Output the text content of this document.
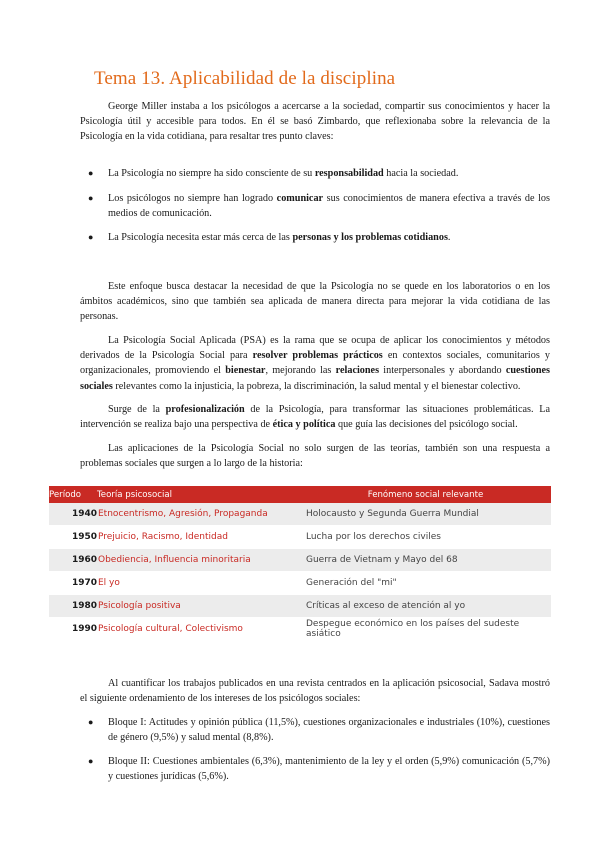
Tema 13. Aplicabilidad de la disciplina

George Miller instaba a los psicólogos a acercarse a la sociedad, compartir sus conocimientos y hacer la Psicología útil y accesible para todos. En él se basó Zimbardo, que reflexionaba sobre la relevancia de la Psicología en la vida cotidiana, para resaltar tres punto claves:

● La Psicología no siempre ha sido consciente de su responsabilidad hacia la sociedad.
● Los psicólogos no siempre han logrado comunicar sus conocimientos de manera efectiva a través de los medios de comunicación.
● La Psicología necesita estar más cerca de las personas y los problemas cotidianos.

Este enfoque busca destacar la necesidad de que la Psicología no se quede en los laboratorios o en los ámbitos académicos, sino que también sea aplicada de manera directa para mejorar la vida cotidiana de las personas.

La Psicología Social Aplicada (PSA) es la rama que se ocupa de aplicar los conocimientos y métodos derivados de la Psicología Social para resolver problemas prácticos en contextos sociales, comunitarios y organizacionales, promoviendo el bienestar, mejorando las relaciones interpersonales y abordando cuestiones sociales relevantes como la injusticia, la pobreza, la discriminación, la salud mental y el bienestar colectivo.

Surge de la profesionalización de la Psicología, para transformar las situaciones problemáticas. La intervención se realiza bajo una perspectiva de ética y política que guía las decisiones del psicólogo social.

Las aplicaciones de la Psicología Social no solo surgen de las teorías, también son una respuesta a problemas sociales que surgen a lo largo de la historia:

Período	Teoría psicosocial	Fenómeno social relevante
1940	Etnocentrismo, Agresión, Propaganda	Holocausto y Segunda Guerra Mundial
1950	Prejuicio, Racismo, Identidad	Lucha por los derechos civiles
1960	Obediencia, Influencia minoritaria	Guerra de Vietnam y Mayo del 68
1970	El yo	Generación del "mi"
1980	Psicología positiva	Críticas al exceso de atención al yo
1990	Psicología cultural, Colectivismo	Despegue económico en los países del sudeste asiático

Al cuantificar los trabajos publicados en una revista centrados en la aplicación psicosocial, Sadava mostró el siguiente ordenamiento de los intereses de los psicólogos sociales:

● Bloque I: Actitudes y opinión pública (11,5%), cuestiones organizacionales e industriales (10%), cuestiones de género (9,5%) y salud mental (8,8%).
● Bloque II: Cuestiones ambientales (6,3%), mantenimiento de la ley y el orden (5,9%) comunicación (5,7%) y cuestiones jurídicas (5,6%).
